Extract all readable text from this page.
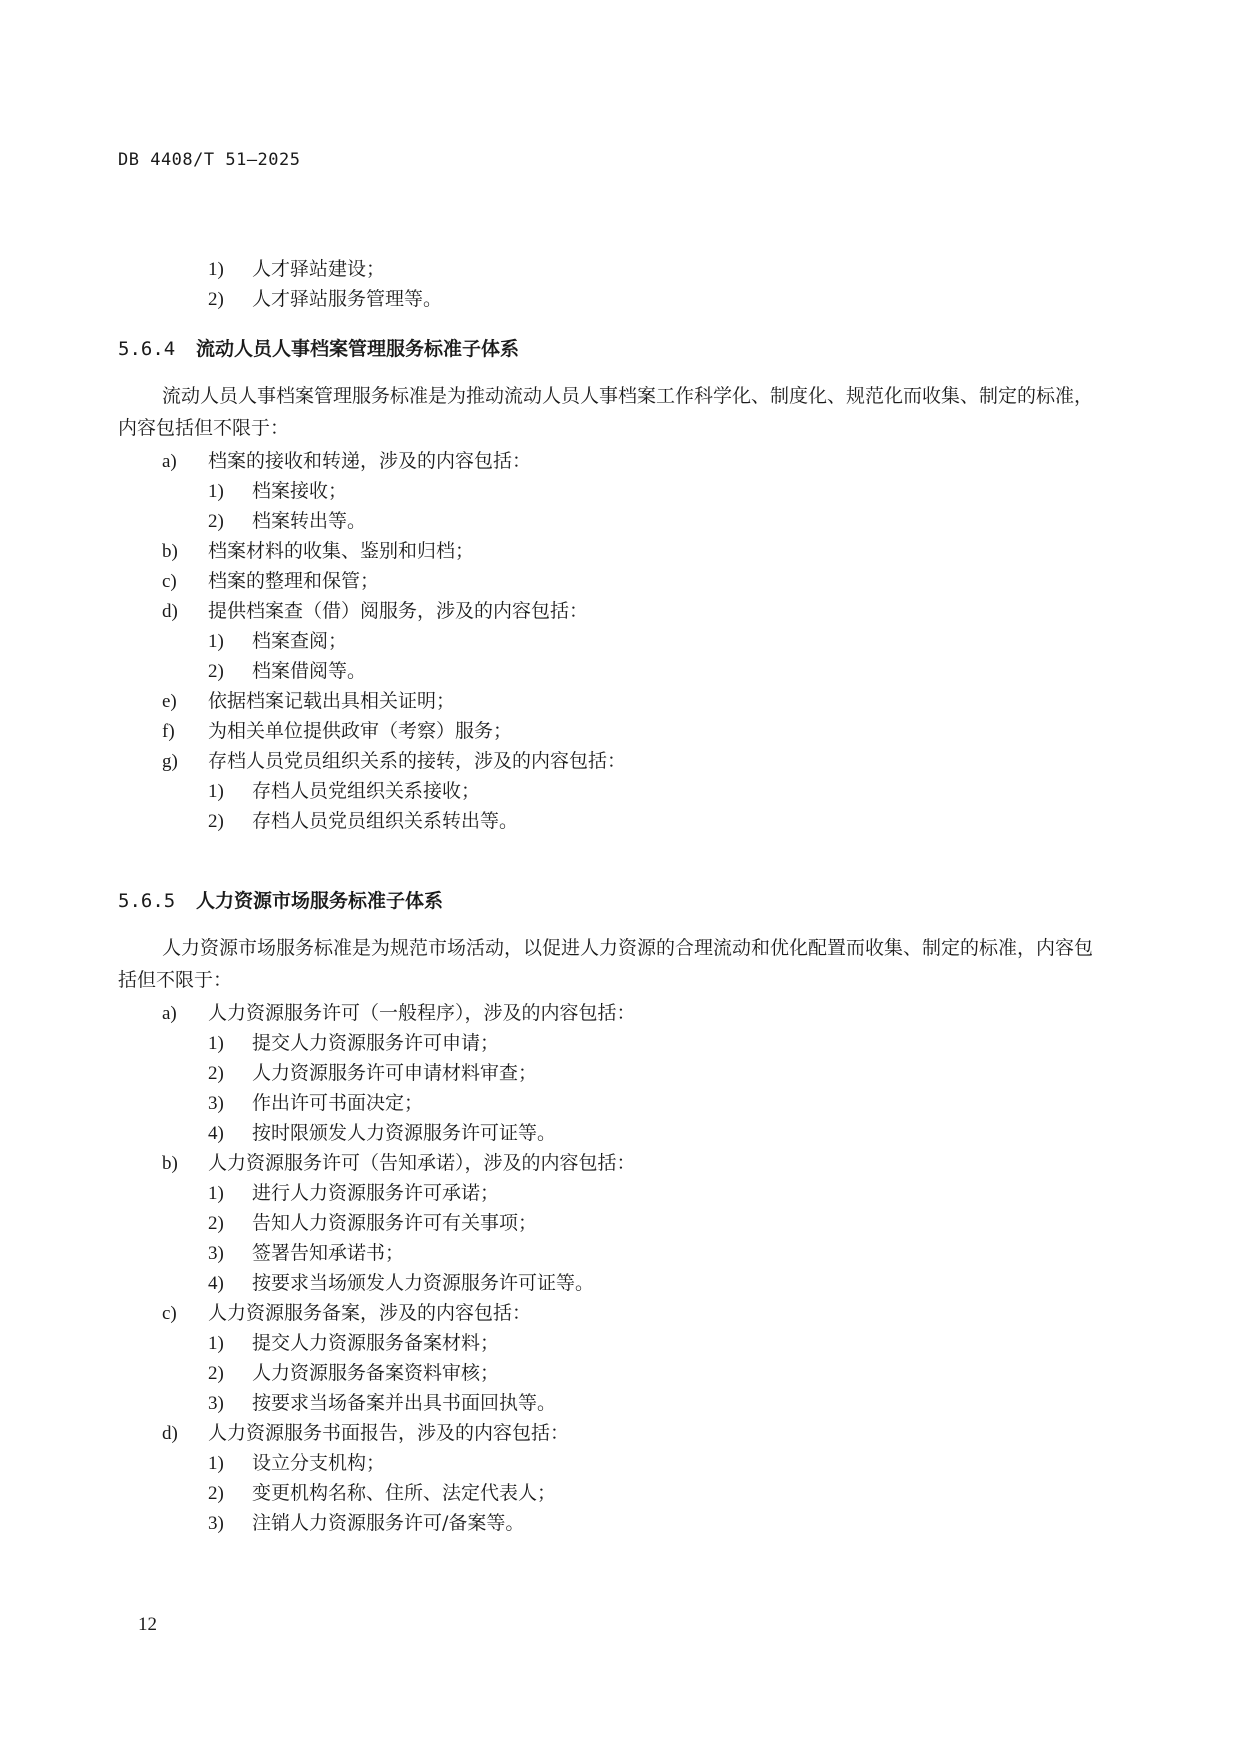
DB 4408/T 51—2025
1) 人才驿站建设；
2) 人才驿站服务管理等。
5.6.4 流动人员人事档案管理服务标准子体系
流动人员人事档案管理服务标准是为推动流动人员人事档案工作科学化、制度化、规范化而收集、制定的标准，内容包括但不限于：
a) 档案的接收和转递，涉及的内容包括：
1) 档案接收；
2) 档案转出等。
b) 档案材料的收集、鉴别和归档；
c) 档案的整理和保管；
d) 提供档案查（借）阅服务，涉及的内容包括：
1) 档案查阅；
2) 档案借阅等。
e) 依据档案记载出具相关证明；
f) 为相关单位提供政审（考察）服务；
g) 存档人员党员组织关系的接转，涉及的内容包括：
1) 存档人员党组织关系接收；
2) 存档人员党员组织关系转出等。
5.6.5 人力资源市场服务标准子体系
人力资源市场服务标准是为规范市场活动，以促进人力资源的合理流动和优化配置而收集、制定的标准，内容包括但不限于：
a) 人力资源服务许可（一般程序），涉及的内容包括：
1) 提交人力资源服务许可申请；
2) 人力资源服务许可申请材料审查；
3) 作出许可书面决定；
4) 按时限颁发人力资源服务许可证等。
b) 人力资源服务许可（告知承诺），涉及的内容包括：
1) 进行人力资源服务许可承诺；
2) 告知人力资源服务许可有关事项；
3) 签署告知承诺书；
4) 按要求当场颁发人力资源服务许可证等。
c) 人力资源服务备案，涉及的内容包括：
1) 提交人力资源服务备案材料；
2) 人力资源服务备案资料审核；
3) 按要求当场备案并出具书面回执等。
d) 人力资源服务书面报告，涉及的内容包括：
1) 设立分支机构；
2) 变更机构名称、住所、法定代表人；
3) 注销人力资源服务许可/备案等。
12
